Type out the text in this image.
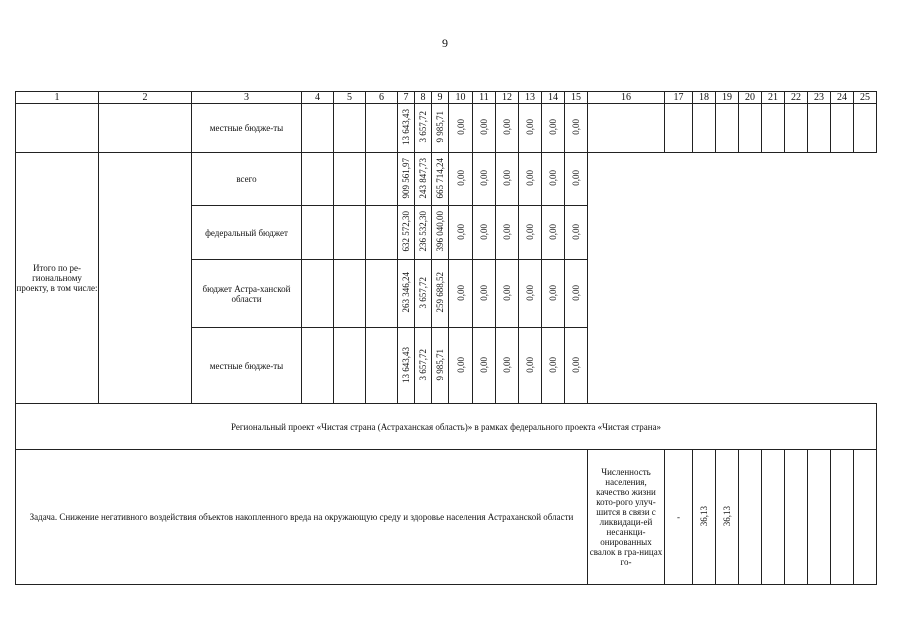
9
1	2	3	4	5	6	7	8	9	10	11	12	13	14	15	16	17	18	19	20	21	22	23	24	25
		местные бюдже-ты				13 643,43	3 657,72	9 985,71	0,00	0,00	0,00	0,00	0,00	0,00										
Итого по ре-гиональному проекту, в том числе:		всего				909 561,97	243 847,73	665 714,24	0,00	0,00	0,00	0,00	0,00	0,00										
		федеральный бюджет				632 572,30	236 532,30	396 040,00	0,00	0,00	0,00	0,00	0,00	0,00										
		бюджет Астра-ханской области				263 346,24	3 657,72	259 688,52	0,00	0,00	0,00	0,00	0,00	0,00										
		местные бюдже-ты				13 643,43	3 657,72	9 985,71	0,00	0,00	0,00	0,00	0,00	0,00										
Региональный проект «Чистая страна (Астраханская область)» в рамках федерального проекта «Чистая страна»																								
Задача. Снижение негативного воздействия объектов накопленного вреда на окружающую среду и здоровье населения Астраханской области															Численность населения, качество жизни кото-рого улуч-шится в связи с ликвидаци-ей несанкци-онированных свалок в гра-ницах го-	-	36,13	36,13						
